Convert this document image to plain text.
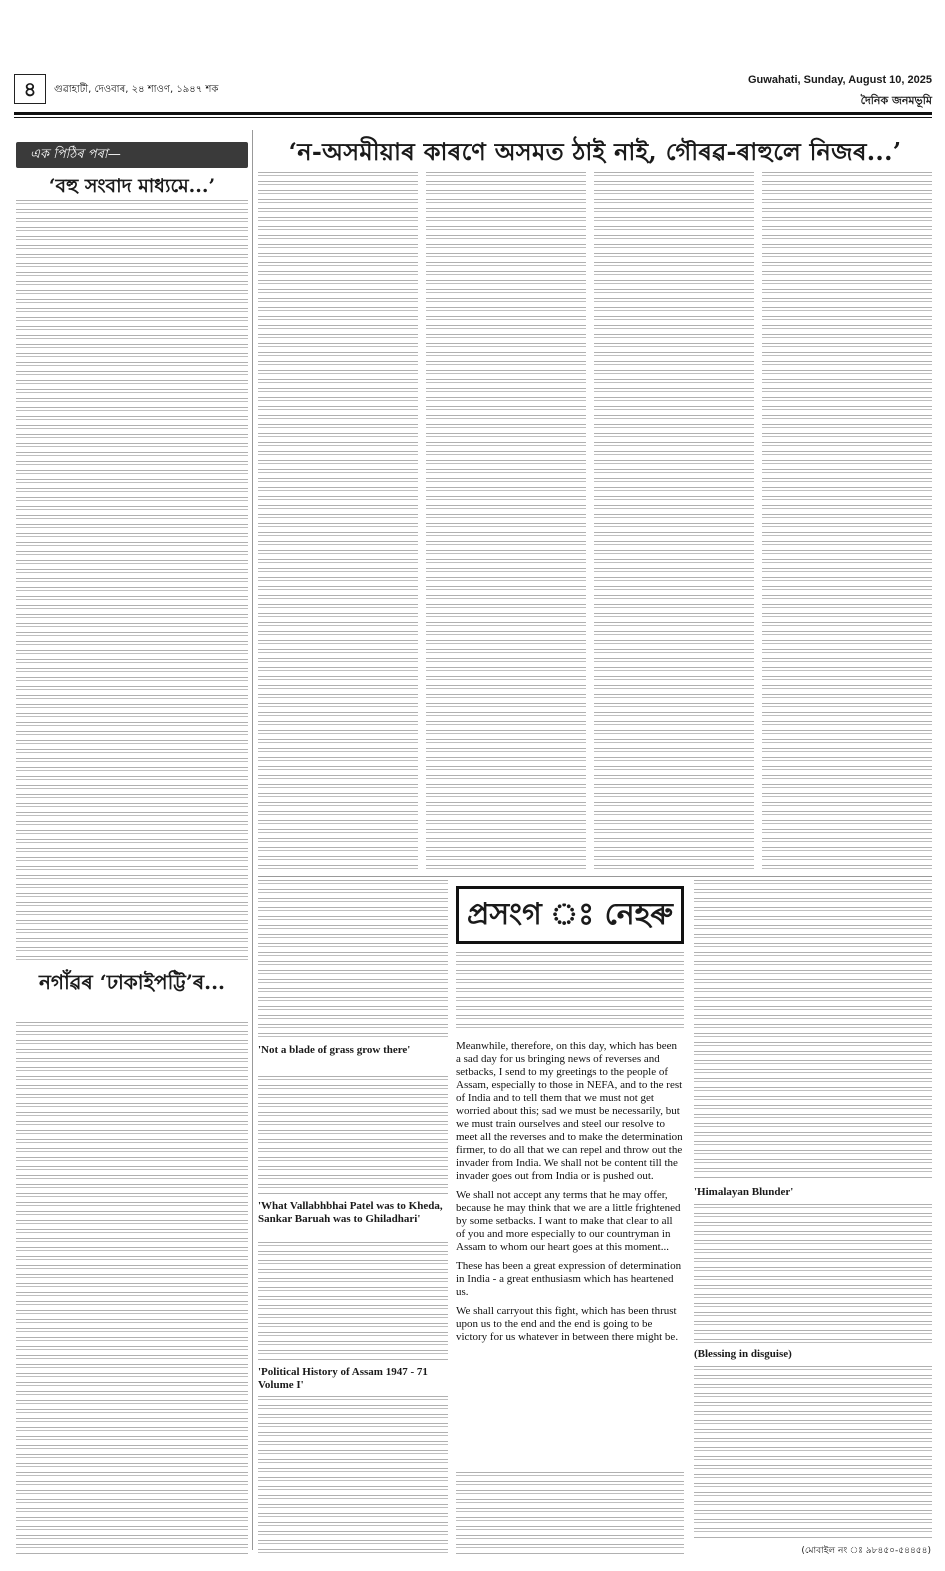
৪	গুৱাহাটী, দেওবাৰ, ২৪ শাওণ, ১৯৪৭ শক
Guwahati, Sunday, August 10, 2025
দৈনিক জনমভূমি
এক পিঠিৰ পৰা—
‘বহু সংবাদ মাধ্যমে...’
নগাঁৱৰ ‘ঢাকাইপট্টি’ৰ...
‘ন-অসমীয়াৰ কাৰণে অসমত ঠাই নাই, গৌৰৱ-ৰাহুলে নিজৰ...’
'Not a blade of grass grow there'
'What Vallabhbhai Patel was to Kheda, Sankar Baruah was to Ghiladhari'
'Political History of Assam 1947 - 71 Volume I'
প্ৰসংগ ঃ নেহৰু

Meanwhile, therefore, on this day, which has been a sad day for us bringing news of reverses and setbacks, I send to my greetings to the people of Assam, especially to those in NEFA, and to the rest of India and to tell them that we must not get worried about this; sad we must be necessarily, but we must train ourselves and steel our resolve to meet all the reverses and to make the determination firmer, to do all that we can repel and throw out the invader from India. We shall not be content till the invader goes out from India or is pushed out.

We shall not accept any terms that he may offer, because he may think that we are a little frightened by some setbacks. I want to make that clear to all of you and more especially to our countryman in Assam to whom our heart goes at this moment...

These has been a great expression of determination in India - a great enthusiasm which has heartened us.

We shall carryout this fight, which has been thrust upon us to the end and the end is going to be victory for us whatever in between there might be.

'Himalayan Blunder'
(Blessing in disguise)
(মোবাইল নং ঃ ৯৮৪৫০-৫৪৪৫৪)
